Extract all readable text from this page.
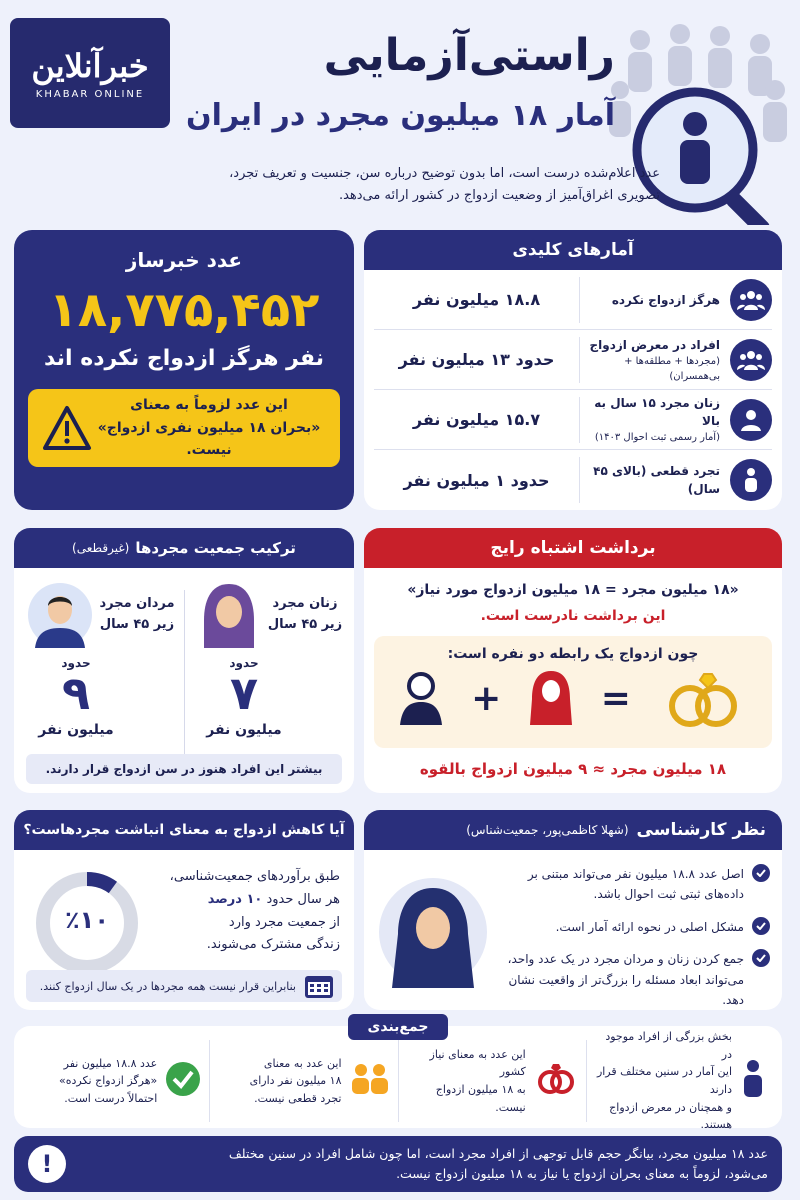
خبرآنلاین
KHABAR ONLINE
راستی‌آزمایی
آمار ۱۸ میلیون مجرد در ایران
عدد اعلام‌شده درست است، اما بدون توضیح درباره سن، جنسیت و تعریف تجرد،
تصویری اغراق‌آمیز از وضعیت ازدواج در کشور ارائه می‌دهد.
عدد خبرساز
۱۸,۷۷۵,۴۵۲
نفر هرگز ازدواج نکرده اند
این عدد لزوماً به معنای
«بحران ۱۸ میلیون نفری ازدواج» نیست.
آمارهای کلیدی
هرگز ازدواج نکرده
۱۸.۸ میلیون نفر
افراد در معرض ازدواج
(مجردها + مطلقه‌ها + بی‌همسران)
حدود ۱۳ میلیون نفر
زنان مجرد ۱۵ سال به بالا
(آمار رسمی ثبت احوال ۱۴۰۳)
۱۵.۷ میلیون نفر
تجرد قطعی (بالای ۴۵ سال)
حدود ۱ میلیون نفر
ترکیب جمعیت مجردها
(غیرقطعی)
زنان مجرد
زیر ۴۵ سال
حدود
۷
میلیون نفر
مردان مجرد
زیر ۴۵ سال
حدود
۹
میلیون نفر
بیشتر این افراد هنوز در سن ازدواج قرار دارند.
برداشت اشتباه رایج
«۱۸ میلیون مجرد = ۱۸ میلیون ازدواج مورد نیاز»
این برداشت نادرست است.
چون ازدواج یک رابطه دو نفره است:
+	=
۱۸ میلیون مجرد ≈ ۹ میلیون ازدواج بالقوه
آیا کاهش ازدواج به معنای انباشت مجردهاست؟
٪۱۰
طبق برآوردهای جمعیت‌شناسی،
هر سال حدود ۱۰ درصد
از جمعیت مجرد وارد
زندگی مشترک می‌شوند.
بنابراین قرار نیست همه مجردها در یک سال ازدواج کنند.
نظر کارشناسی
(شهلا کاظمی‌پور، جمعیت‌شناس)
اصل عدد ۱۸.۸ میلیون نفر می‌تواند مبتنی بر
داده‌های ثبتی ثبت احوال باشد.
مشکل اصلی در نحوه ارائه آمار است.
جمع کردن زنان و مردان مجرد در یک عدد واحد،
می‌تواند ابعاد مسئله را بزرگ‌تر از واقعیت نشان دهد.
جمع‌بندی
بخش بزرگی از افراد موجود در
این آمار در سنین مختلف قرار دارند
و همچنان در معرض ازدواج هستند.
این عدد به معنای نیاز کشور
به ۱۸ میلیون ازدواج نیست.
این عدد به معنای
۱۸ میلیون نفر دارای
تجرد قطعی نیست.
عدد ۱۸.۸ میلیون نفر
«هرگز ازدواج نکرده»
احتمالاً درست است.
عدد ۱۸ میلیون مجرد، بیانگر حجم قابل توجهی از افراد مجرد است، اما چون شامل افراد در سنین مختلف
می‌شود، لزوماً به معنای بحران ازدواج یا نیاز به ۱۸ میلیون ازدواج نیست.
!
